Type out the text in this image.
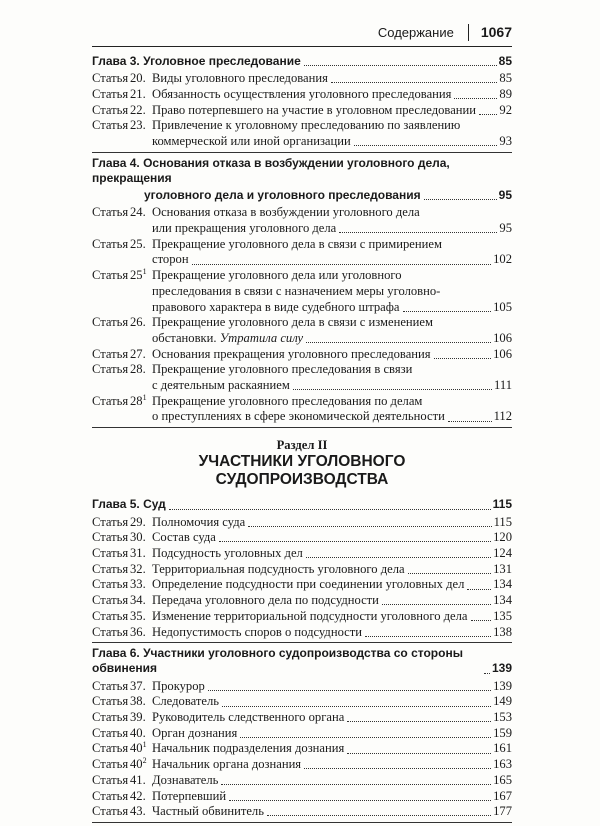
Содержание 1067
Глава 3. Уголовное преследование	85
Статья 20. Виды уголовного преследования	85
Статья 21. Обязанность осуществления уголовного преследования	89
Статья 22. Право потерпевшего на участие в уголовном преследовании 92
Статья 23. Привлечение к уголовному преследованию по заявлению
коммерческой или иной организации	93
Глава 4. Основания отказа в возбуждении уголовного дела, прекращения
уголовного дела и уголовного преследования	95
Статья 24. Основания отказа в возбуждении уголовного дела
или прекращения уголовного дела	95
Статья 25. Прекращение уголовного дела в связи с примирением
сторон	102
Статья $25^1$ Прекращение уголовного дела или уголовного
преследования в связи с назначением меры уголовно-
правового характера в виде судебного штрафа	105
Статья 26. Прекращение уголовного дела в связи с изменением
обстановки. Утратила силу	106
Статья 27. Основания прекращения уголовного преследования	106
Статья 28. Прекращение уголовного преследования в связи
с деятельным раскаянием	111
Статья $28^1$ Прекращение уголовного преследования по делам
о преступлениях в сфере экономической деятельности	112
Раздел II
УЧАСТНИКИ УГОЛОВНОГО
СУДОПРОИЗВОДСТВА
Глава 5. Суд	115
Статья 29. Полномочия суда	115
Статья 30. Состав суда	120
Статья 31. Подсудность уголовных дел	124
Статья 32. Территориальная подсудность уголовного дела	131
Статья 33. Определение подсудности при соединении уголовных дел 134
Статья 34. Передача уголовного дела по подсудности	134
Статья 35. Изменение территориальной подсудности уголовного дела 135
Статья 36. Недопустимость споров о подсудности	138
Глава 6. Участники уголовного судопроизводства со стороны обвинения	139
Статья 37. Прокурор	139
Статья 38. Следователь	149
Статья 39. Руководитель следственного органа	153
Статья 40. Орган дознания	159
Статья $40^1$ Начальник подразделения дознания	161
Статья $40^2$ Начальник органа дознания	163
Статья 41. Дознаватель	165
Статья 42. Потерпевший	167
Статья 43. Частный обвинитель	177
